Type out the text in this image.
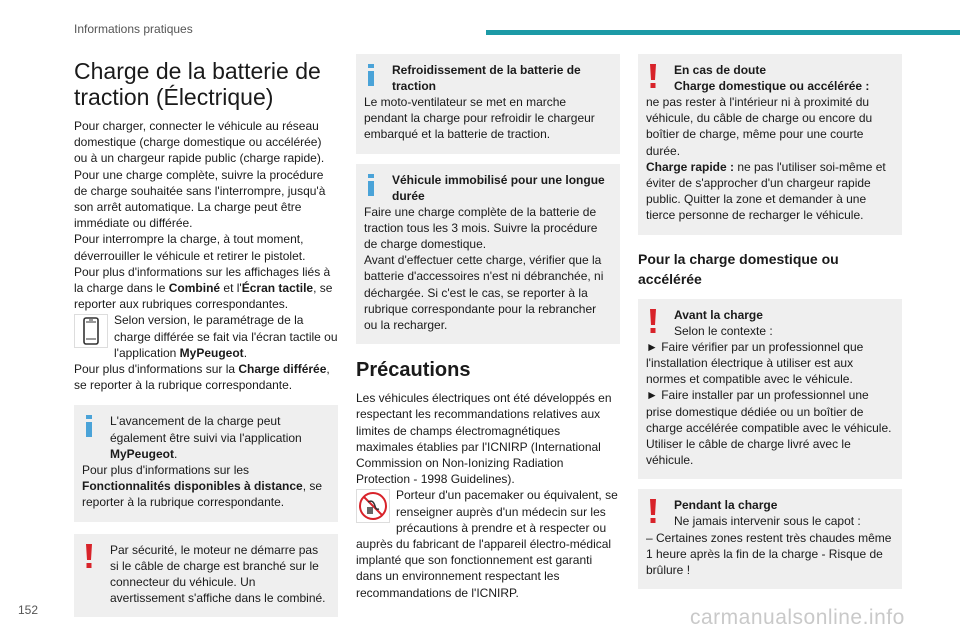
Informations pratiques
Charge de la batterie de traction (Électrique)

Pour charger, connecter le véhicule au réseau domestique (charge domestique ou accélérée) ou à un chargeur rapide public (charge rapide).

Pour une charge complète, suivre la procédure de charge souhaitée sans l'interrompre, jusqu'à son arrêt automatique. La charge peut être immédiate ou différée.

Pour interrompre la charge, à tout moment, déverrouiller le véhicule et retirer le pistolet.

Pour plus d'informations sur les affichages liés à la charge dans le Combiné et l'Écran tactile, se reporter aux rubriques correspondantes.

Selon version, le paramétrage de la charge différée se fait via l'écran tactile ou l'application MyPeugeot.

Pour plus d'informations sur la Charge différée, se reporter à la rubrique correspondante.

L'avancement de la charge peut également être suivi via l'application MyPeugeot.

Pour plus d'informations sur les Fonctionnalités disponibles à distance, se reporter à la rubrique correspondante.

Par sécurité, le moteur ne démarre pas si le câble de charge est branché sur le connecteur du véhicule. Un avertissement s'affiche dans le combiné.

Refroidissement de la batterie de traction

Le moto-ventilateur se met en marche pendant la charge pour refroidir le chargeur embarqué et la batterie de traction.

Véhicule immobilisé pour une longue durée

Faire une charge complète de la batterie de traction tous les 3 mois. Suivre la procédure de charge domestique.

Avant d'effectuer cette charge, vérifier que la batterie d'accessoires n'est ni débranchée, ni déchargée. Si c'est le cas, se reporter à la rubrique correspondante pour la rebrancher ou la recharger.

Précautions

Les véhicules électriques ont été développés en respectant les recommandations relatives aux limites de champs électromagnétiques maximales établies par l'ICNIRP (International Commission on Non-Ionizing Radiation Protection - 1998 Guidelines).

Porteur d'un pacemaker ou équivalent, se renseigner auprès d'un médecin sur les précautions à prendre et à respecter ou auprès du fabricant de l'appareil électro-médical implanté que son fonctionnement est garanti dans un environnement respectant les recommandations de l'ICNIRP.

En cas de doute
Charge domestique ou accélérée :

ne pas rester à l'intérieur ni à proximité du véhicule, du câble de charge ou encore du boîtier de charge, même pour une courte durée.

Charge rapide : ne pas l'utiliser soi-même et éviter de s'approcher d'un chargeur rapide public. Quitter la zone et demander à une tierce personne de recharger le véhicule.

Pour la charge domestique ou accélérée
Avant la charge

Selon le contexte :

► Faire vérifier par un professionnel que l'installation électrique à utiliser est aux normes et compatible avec le véhicule.

► Faire installer par un professionnel une prise domestique dédiée ou un boîtier de charge accélérée compatible avec le véhicule.

Utiliser le câble de charge livré avec le véhicule.

Pendant la charge

Ne jamais intervenir sous le capot :

– Certaines zones restent très chaudes même 1 heure après la fin de la charge - Risque de brûlure !

152	carmanualsonline.info
